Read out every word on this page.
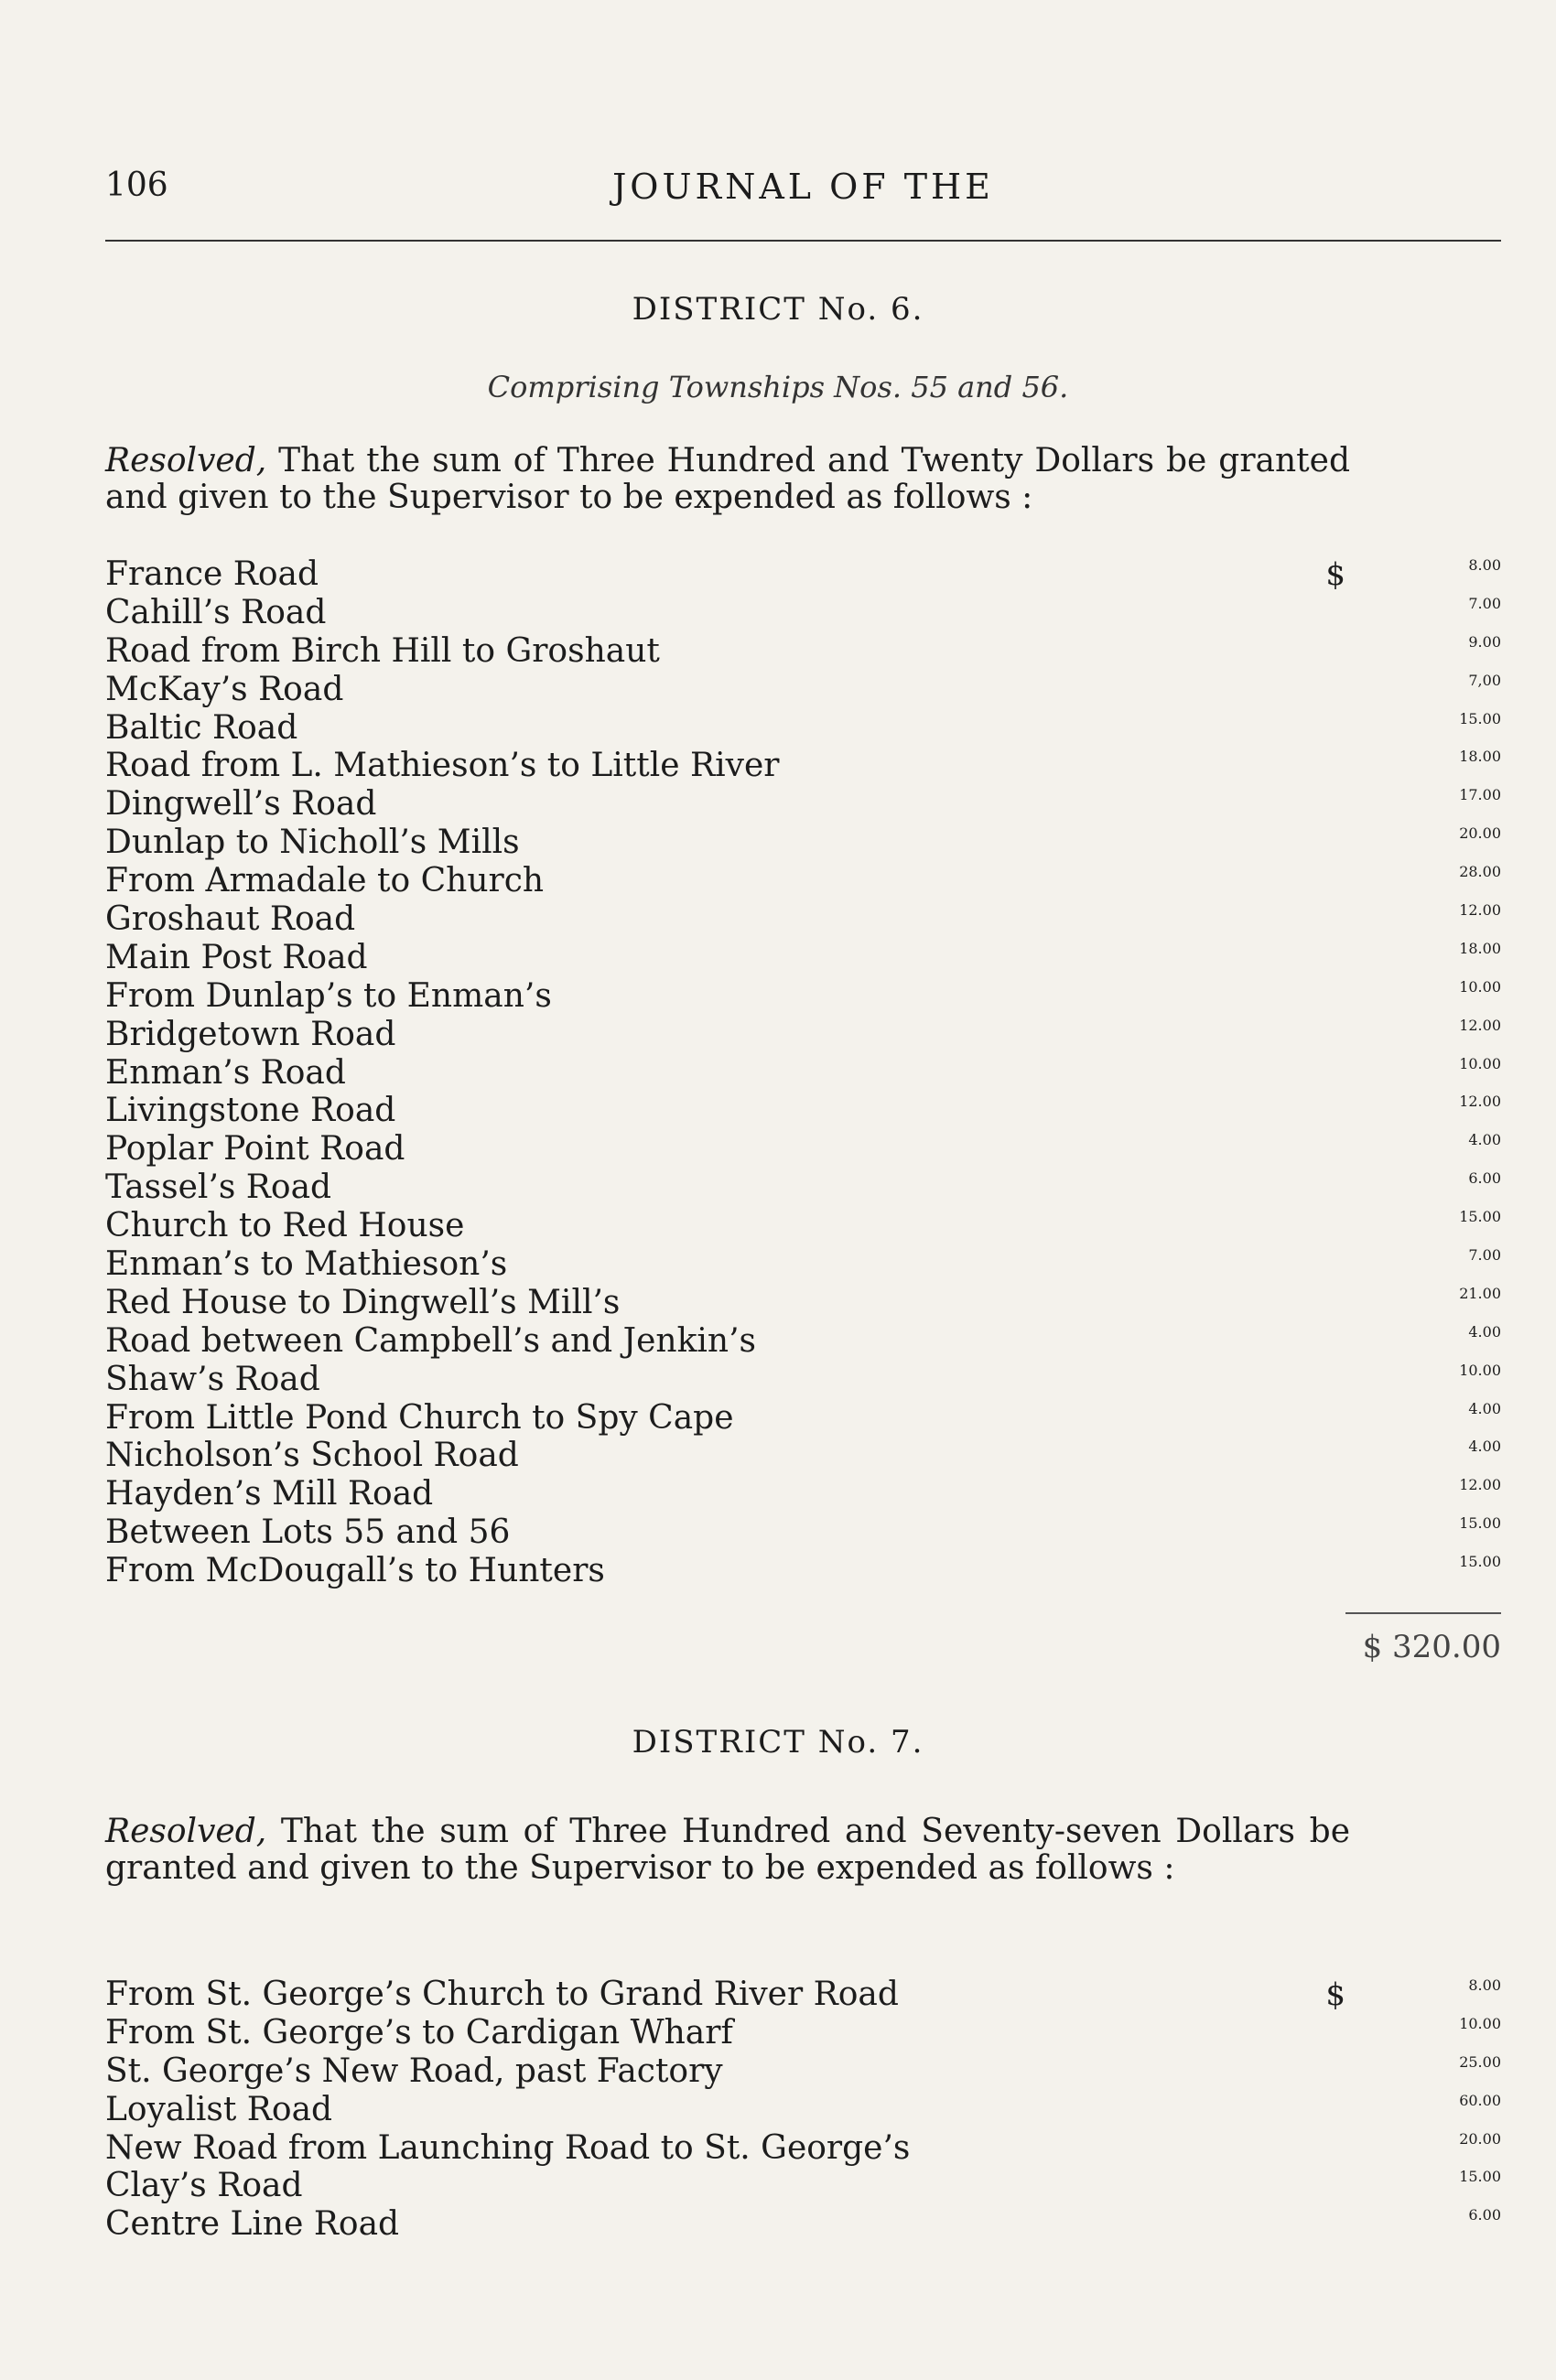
106	JOURNAL OF THE
DISTRICT No. 6.
Comprising Townships Nos. 55 and 56.
Resolved, That the sum of Three Hundred and Twenty Dollars be granted and given to the Supervisor to be expended as follows :
France Road	$	8.00
Cahill’s Road	7.00
Road from Birch Hill to Groshaut	9.00
McKay’s Road	7,00
Baltic Road	15.00
Road from L. Mathieson’s to Little River	18.00
Dingwell’s Road	17.00
Dunlap to Nicholl’s Mills	20.00
From Armadale to Church	28.00
Groshaut Road	12.00
Main Post Road	18.00
From Dunlap’s to Enman’s	10.00
Bridgetown Road	12.00
Enman’s Road	10.00
Livingstone Road	12.00
Poplar Point Road	4.00
Tassel’s Road	6.00
Church to Red House	15.00
Enman’s to Mathieson’s	7.00
Red House to Dingwell’s Mill’s	21.00
Road between Campbell’s and Jenkin’s	4.00
Shaw’s Road	10.00
From Little Pond Church to Spy Cape	4.00
Nicholson’s School Road	4.00
Hayden’s Mill Road	12.00
Between Lots 55 and 56	15.00
From McDougall’s to Hunters	15.00
$ 320.00
DISTRICT No. 7.
Resolved, That the sum of Three Hundred and Seventy-seven Dollars be granted and given to the Supervisor to be expended as follows :
From St. George’s Church to Grand River Road	$	8.00
From St. George’s to Cardigan Wharf	10.00
St. George’s New Road, past Factory	25.00
Loyalist Road	60.00
New Road from Launching Road to St. George’s	20.00
Clay’s Road	15.00
Centre Line Road	6.00
